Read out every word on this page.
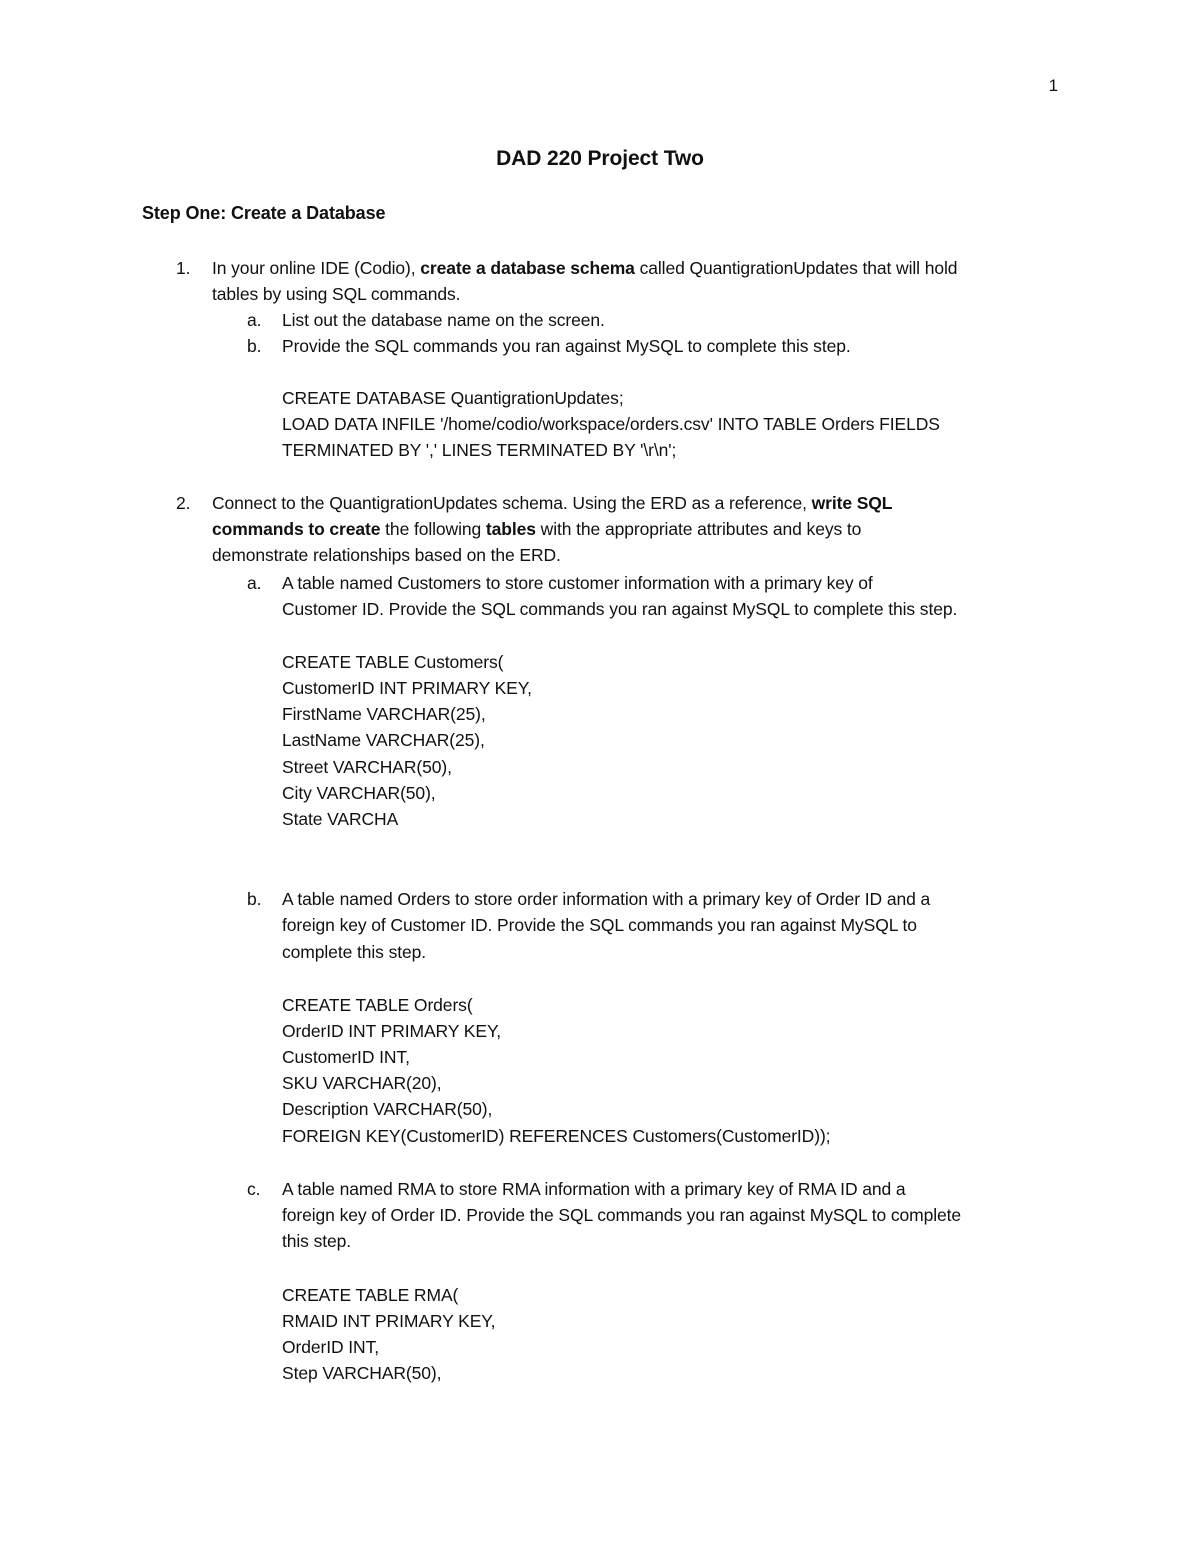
1
DAD 220 Project Two
Step One: Create a Database
1. In your online IDE (Codio), create a database schema called QuantigrationUpdates that will hold
tables by using SQL commands.
a. List out the database name on the screen.
b. Provide the SQL commands you ran against MySQL to complete this step.
CREATE DATABASE QuantigrationUpdates;
LOAD DATA INFILE '/home/codio/workspace/orders.csv' INTO TABLE Orders FIELDS
TERMINATED BY ',' LINES TERMINATED BY '\r\n';
2. Connect to the QuantigrationUpdates schema. Using the ERD as a reference, write SQL
commands to create the following tables with the appropriate attributes and keys to
demonstrate relationships based on the ERD.
a. A table named Customers to store customer information with a primary key of
Customer ID. Provide the SQL commands you ran against MySQL to complete this step.
CREATE TABLE Customers(
CustomerID INT PRIMARY KEY,
FirstName VARCHAR(25),
LastName VARCHAR(25),
Street VARCHAR(50),
City VARCHAR(50),
State VARCHA
b. A table named Orders to store order information with a primary key of Order ID and a
foreign key of Customer ID. Provide the SQL commands you ran against MySQL to
complete this step.
CREATE TABLE Orders(
OrderID INT PRIMARY KEY,
CustomerID INT,
SKU VARCHAR(20),
Description VARCHAR(50),
FOREIGN KEY(CustomerID) REFERENCES Customers(CustomerID));
c. A table named RMA to store RMA information with a primary key of RMA ID and a
foreign key of Order ID. Provide the SQL commands you ran against MySQL to complete
this step.
CREATE TABLE RMA(
RMAID INT PRIMARY KEY,
OrderID INT,
Step VARCHAR(50),
